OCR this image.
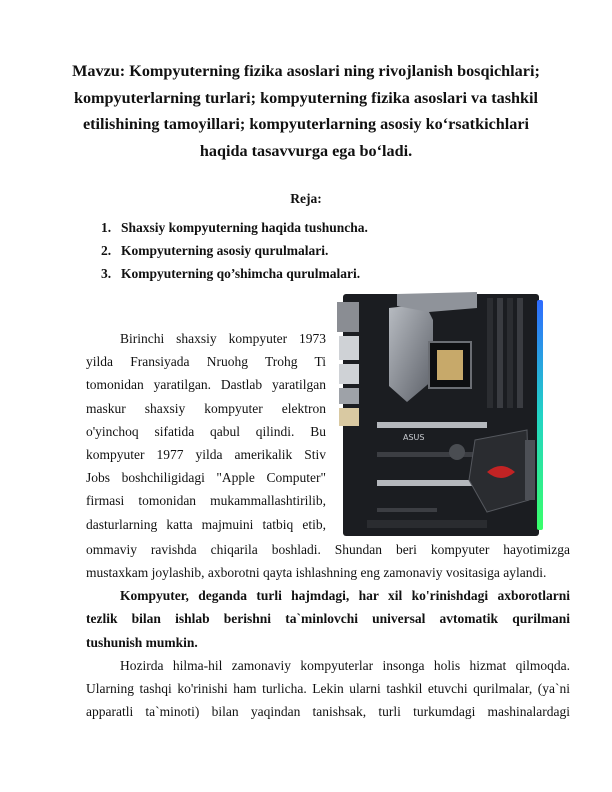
Mavzu: Kompyuterning fizika asoslari ning rivojlanish bosqichlari; kompyuterlarning turlari; kompyuterning fizika asoslari va tashkil etilishining tamoyillari; kompyuterlarning asosiy ko‘rsatkichlari haqida tasavvurga ega bo‘ladi.

Reja:

1. Shaxsiy kompyuterning haqida tushuncha.
2. Kompyuterning asosiy qurulmalari.
3. Kompyuterning qo’shimcha qurulmalari.
Birinchi shaxsiy kompyuter 1973
yilda Fransiyada Nruohg Trohg Ti
tomonidan yaratilgan. Dastlab yaratilgan
maskur shaxsiy kompyuter elektron
o'yinchoq sifatida qabul qilindi. Bu
kompyuter 1977 yilda amerikalik Stiv
Jobs boshchiligidagi "Apple Computer"
firmasi tomonidan mukammallashtirilib,
dasturlarning katta majmuini tatbiq etib,
ommaviy ravishda chiqarila boshladi. Shundan beri kompyuter hayotimizga
mustaxkam joylashib, axborotni qayta ishlashning eng zamonaviy vositasiga aylandi.
Kompyuter, deganda turli hajmdagi, har xil ko'rinishdagi axborotlarni
tezlik bilan ishlab berishni ta`minlovchi universal avtomatik qurilmani
tushunish mumkin.
Hozirda hilma-hil zamonaviy kompyuterlar insonga holis hizmat qilmoqda.
Ularning tashqi ko'rinishi ham turlicha. Lekin ularni tashkil etuvchi qurilmalar, (ya`ni
apparatli ta`minoti) bilan yaqindan tanishsak, turli turkumdagi mashinalardagi
ASUS
